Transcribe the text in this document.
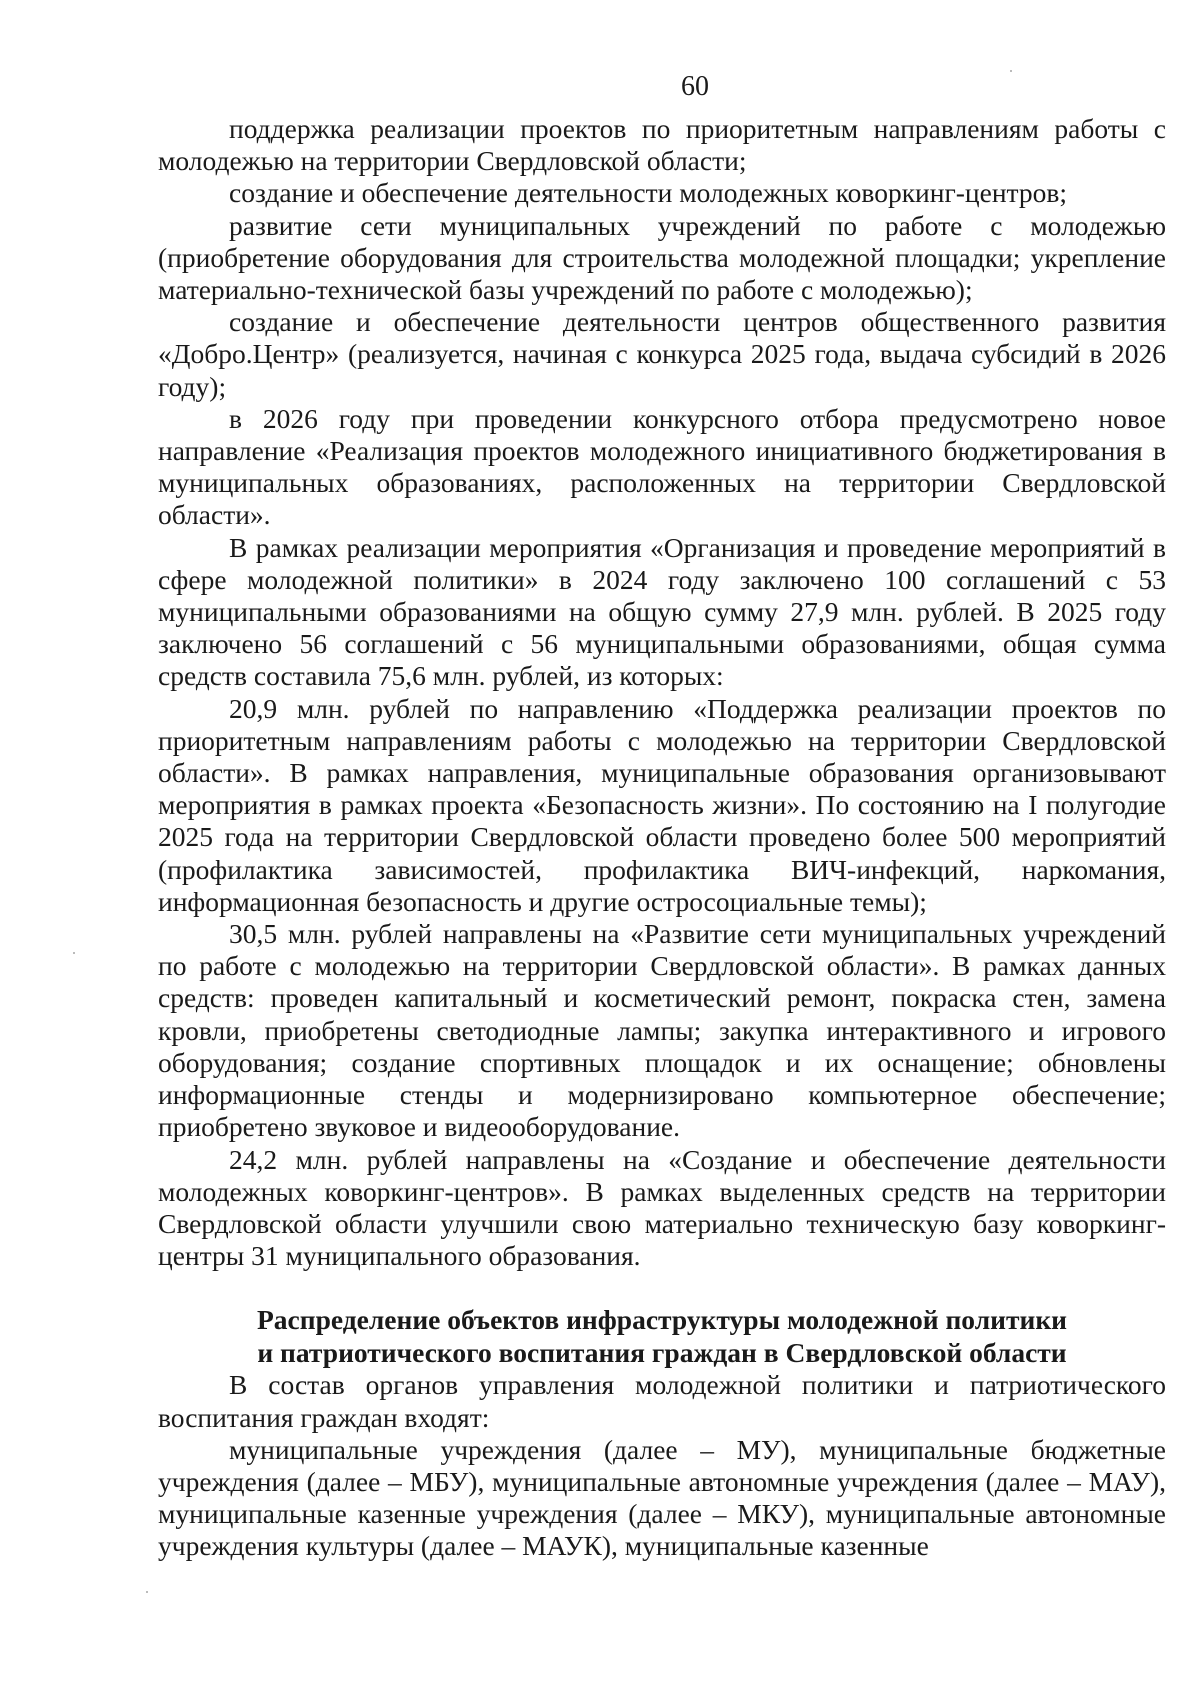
60

поддержка реализации проектов по приоритетным направлениям работы с молодежью на территории Свердловской области;

создание и обеспечение деятельности молодежных коворкинг-центров;

развитие сети муниципальных учреждений по работе с молодежью (приобретение оборудования для строительства молодежной площадки; укрепление материально-технической базы учреждений по работе с молодежью);

создание и обеспечение деятельности центров общественного развития «Добро.Центр» (реализуется, начиная с конкурса 2025 года, выдача субсидий в 2026 году);

в 2026 году при проведении конкурсного отбора предусмотрено новое направление «Реализация проектов молодежного инициативного бюджетирования в муниципальных образованиях, расположенных на территории Свердловской области».

В рамках реализации мероприятия «Организация и проведение мероприятий в сфере молодежной политики» в 2024 году заключено 100 соглашений с 53 муниципальными образованиями на общую сумму 27,9 млн. рублей. В 2025 году заключено 56 соглашений с 56 муниципальными образованиями, общая сумма средств составила 75,6 млн. рублей, из которых:

20,9 млн. рублей по направлению «Поддержка реализации проектов по приоритетным направлениям работы с молодежью на территории Свердловской области». В рамках направления, муниципальные образования организовывают мероприятия в рамках проекта «Безопасность жизни». По состоянию на I полугодие 2025 года на территории Свердловской области проведено более 500 мероприятий (профилактика зависимостей, профилактика ВИЧ-инфекций, наркомания, информационная безопасность и другие остросоциальные темы);

30,5 млн. рублей направлены на «Развитие сети муниципальных учреждений по работе с молодежью на территории Свердловской области». В рамках данных средств: проведен капитальный и косметический ремонт, покраска стен, замена кровли, приобретены светодиодные лампы; закупка интерактивного и игрового оборудования; создание спортивных площадок и их оснащение; обновлены информационные стенды и модернизировано компьютерное обеспечение; приобретено звуковое и видеооборудование.

24,2 млн. рублей направлены на «Создание и обеспечение деятельности молодежных коворкинг-центров». В рамках выделенных средств на территории Свердловской области улучшили свою материально техническую базу коворкинг-центры 31 муниципального образования.

Распределение объектов инфраструктуры молодежной политики
и патриотического воспитания граждан в Свердловской области

В состав органов управления молодежной политики и патриотического воспитания граждан входят:

муниципальные учреждения (далее – МУ), муниципальные бюджетные учреждения (далее – МБУ), муниципальные автономные учреждения (далее – МАУ), муниципальные казенные учреждения (далее – МКУ), муниципальные автономные учреждения культуры (далее – МАУК), муниципальные казенные
